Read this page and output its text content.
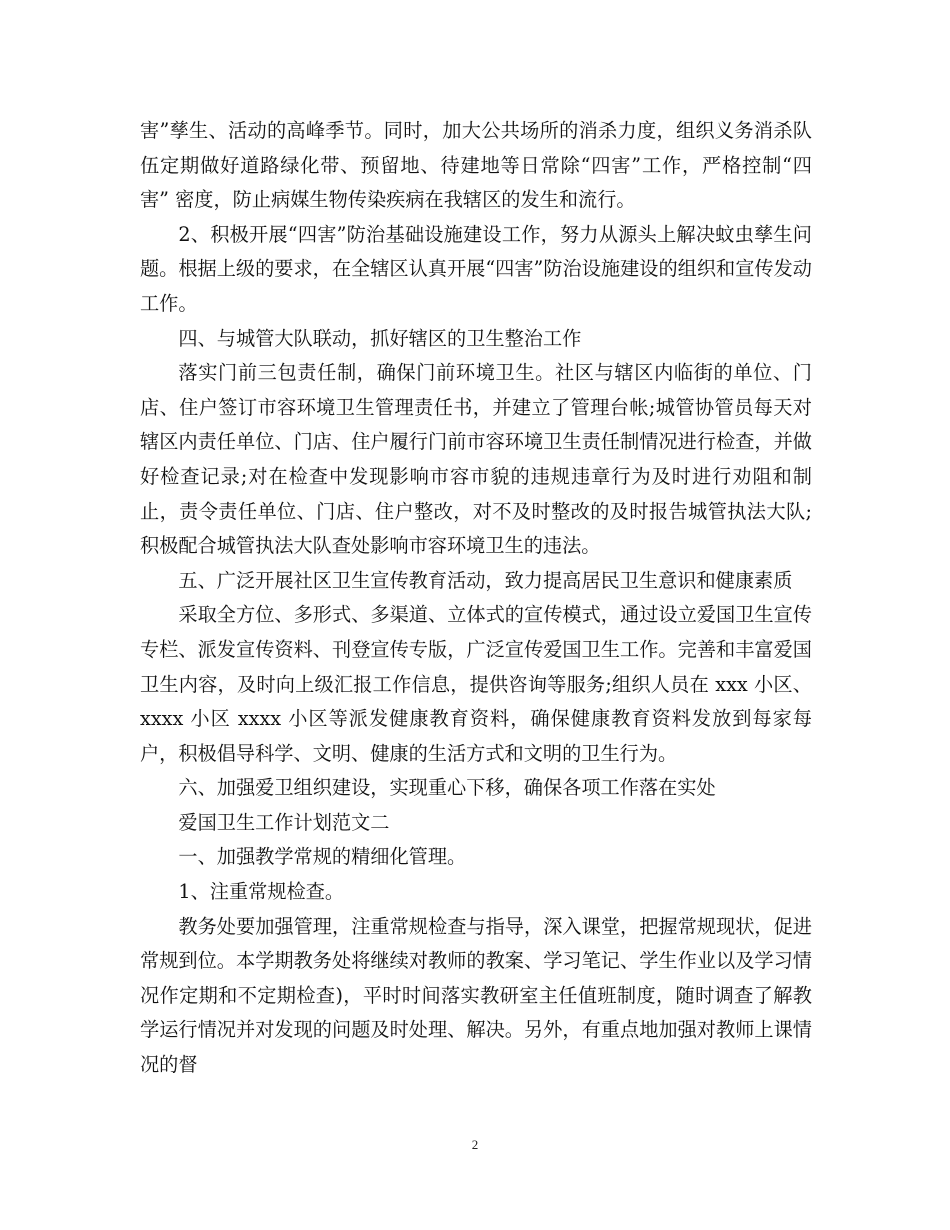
害”孳生、活动的高峰季节。同时，加大公共场所的消杀力度，组织义务消杀队伍定期做好道路绿化带、预留地、待建地等日常除“四害”工作，严格控制“四害” 密度，防止病媒生物传染疾病在我辖区的发生和流行。

2、积极开展“四害”防治基础设施建设工作，努力从源头上解决蚊虫孳生问题。根据上级的要求，在全辖区认真开展“四害”防治设施建设的组织和宣传发动工作。

四、与城管大队联动，抓好辖区的卫生整治工作

落实门前三包责任制，确保门前环境卫生。社区与辖区内临街的单位、门店、住户签订市容环境卫生管理责任书，并建立了管理台帐;城管协管员每天对辖区内责任单位、门店、住户履行门前市容环境卫生责任制情况进行检查，并做好检查记录;对在检查中发现影响市容市貌的违规违章行为及时进行劝阻和制止，责令责任单位、门店、住户整改，对不及时整改的及时报告城管执法大队;积极配合城管执法大队查处影响市容环境卫生的违法。

五、广泛开展社区卫生宣传教育活动，致力提高居民卫生意识和健康素质

采取全方位、多形式、多渠道、立体式的宣传模式，通过设立爱国卫生宣传专栏、派发宣传资料、刊登宣传专版，广泛宣传爱国卫生工作。完善和丰富爱国卫生内容，及时向上级汇报工作信息，提供咨询等服务;组织人员在 xxx 小区、xxxx 小区 xxxx 小区等派发健康教育资料，确保健康教育资料发放到每家每户，积极倡导科学、文明、健康的生活方式和文明的卫生行为。

六、加强爱卫组织建设，实现重心下移，确保各项工作落在实处

爱国卫生工作计划范文二

一、加强教学常规的精细化管理。

1、注重常规检查。

教务处要加强管理，注重常规检查与指导，深入课堂，把握常规现状，促进常规到位。本学期教务处将继续对教师的教案、学习笔记、学生作业以及学习情况作定期和不定期检查)，平时时间落实教研室主任值班制度，随时调查了解教学运行情况并对发现的问题及时处理、解决。另外，有重点地加强对教师上课情况的督

2
